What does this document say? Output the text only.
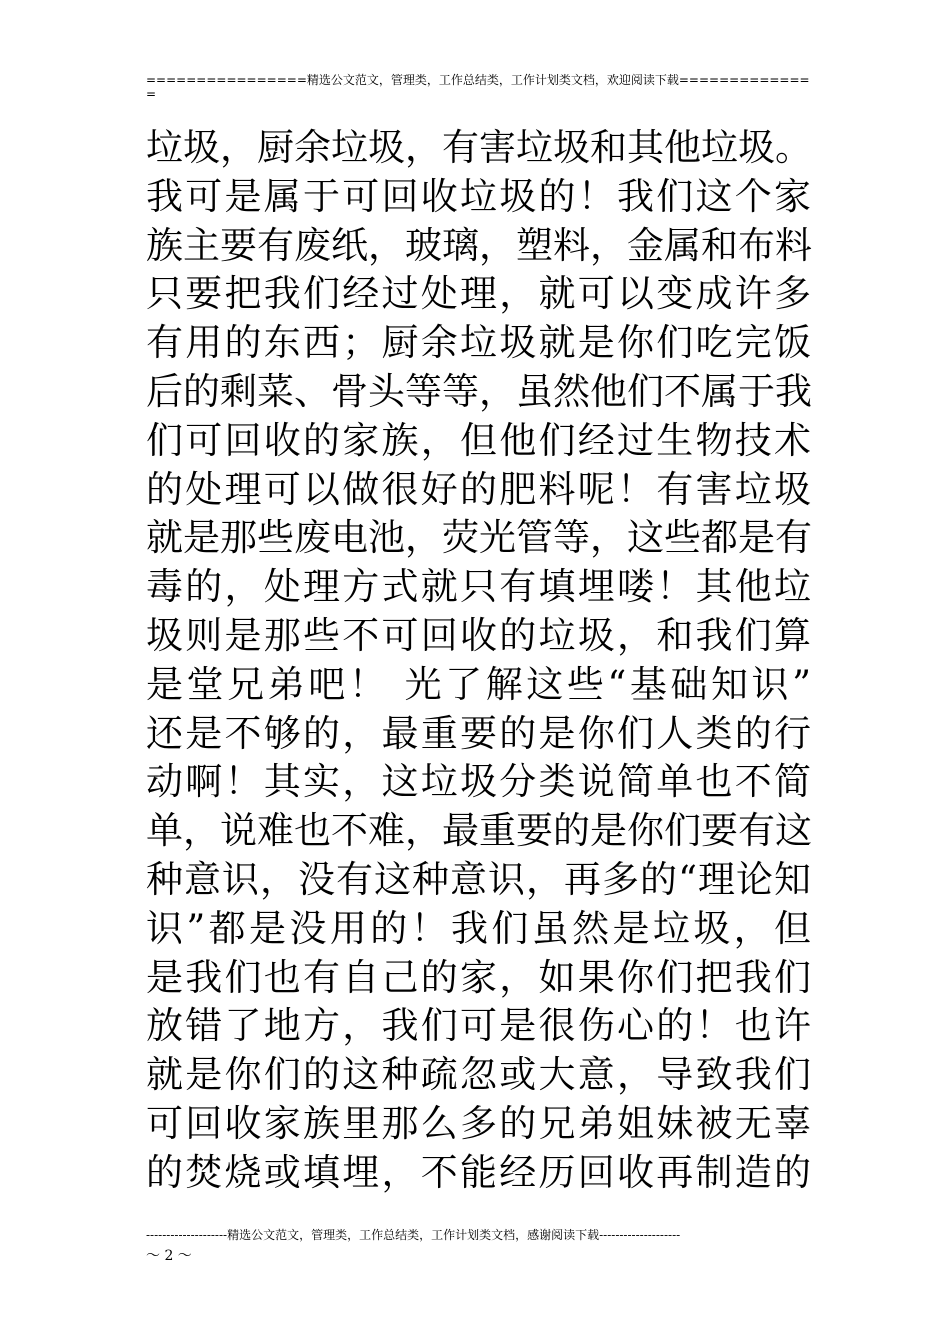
================精选公文范文，管理类，工作总结类，工作计划类文档，欢迎阅读下载=============
=
垃圾，厨余垃圾，有害垃圾和其他垃圾。
我可是属于可回收垃圾的！我们这个家
族主要有废纸，玻璃，塑料，金属和布料
只要把我们经过处理，就可以变成许多
有用的东西；厨余垃圾就是你们吃完饭
后的剩菜、骨头等等，虽然他们不属于我
们可回收的家族，但他们经过生物技术
的处理可以做很好的肥料呢！有害垃圾
就是那些废电池，荧光管等，这些都是有
毒的，处理方式就只有填埋喽！其他垃
圾则是那些不可回收的垃圾，和我们算
是堂兄弟吧！ 光了解这些“基础知识”
还是不够的，最重要的是你们人类的行
动啊！其实，这垃圾分类说简单也不简
单，说难也不难，最重要的是你们要有这
种意识，没有这种意识，再多的“理论知
识”都是没用的！我们虽然是垃圾，但
是我们也有自己的家，如果你们把我们
放错了地方，我们可是很伤心的！也许
就是你们的这种疏忽或大意，导致我们
可回收家族里那么多的兄弟姐妹被无辜
的焚烧或填埋，不能经历回收再制造的
--------------------精选公文范文，管理类，工作总结类，工作计划类文档，感谢阅读下载--------------------
～ 2 ～
